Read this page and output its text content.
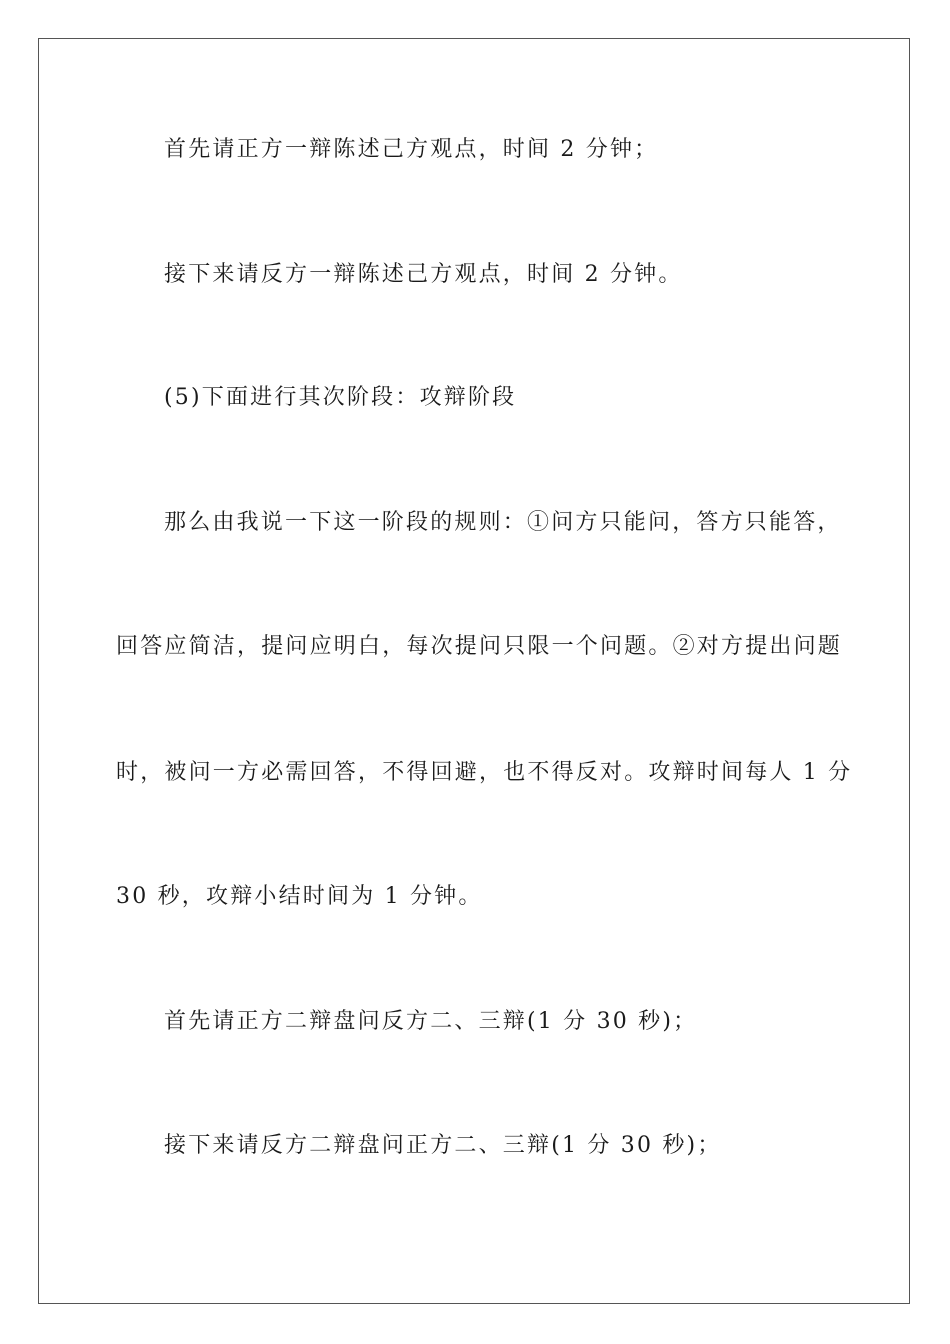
首先请正方一辩陈述己方观点，时间 2 分钟；
接下来请反方一辩陈述己方观点，时间 2 分钟。
(5)下面进行其次阶段：攻辩阶段
那么由我说一下这一阶段的规则：①问方只能问，答方只能答，
回答应简洁，提问应明白，每次提问只限一个问题。②对方提出问题
时，被问一方必需回答，不得回避，也不得反对。攻辩时间每人 1 分
30 秒，攻辩小结时间为 1 分钟。
首先请正方二辩盘问反方二、三辩(1 分 30 秒)；
接下来请反方二辩盘问正方二、三辩(1 分 30 秒)；
